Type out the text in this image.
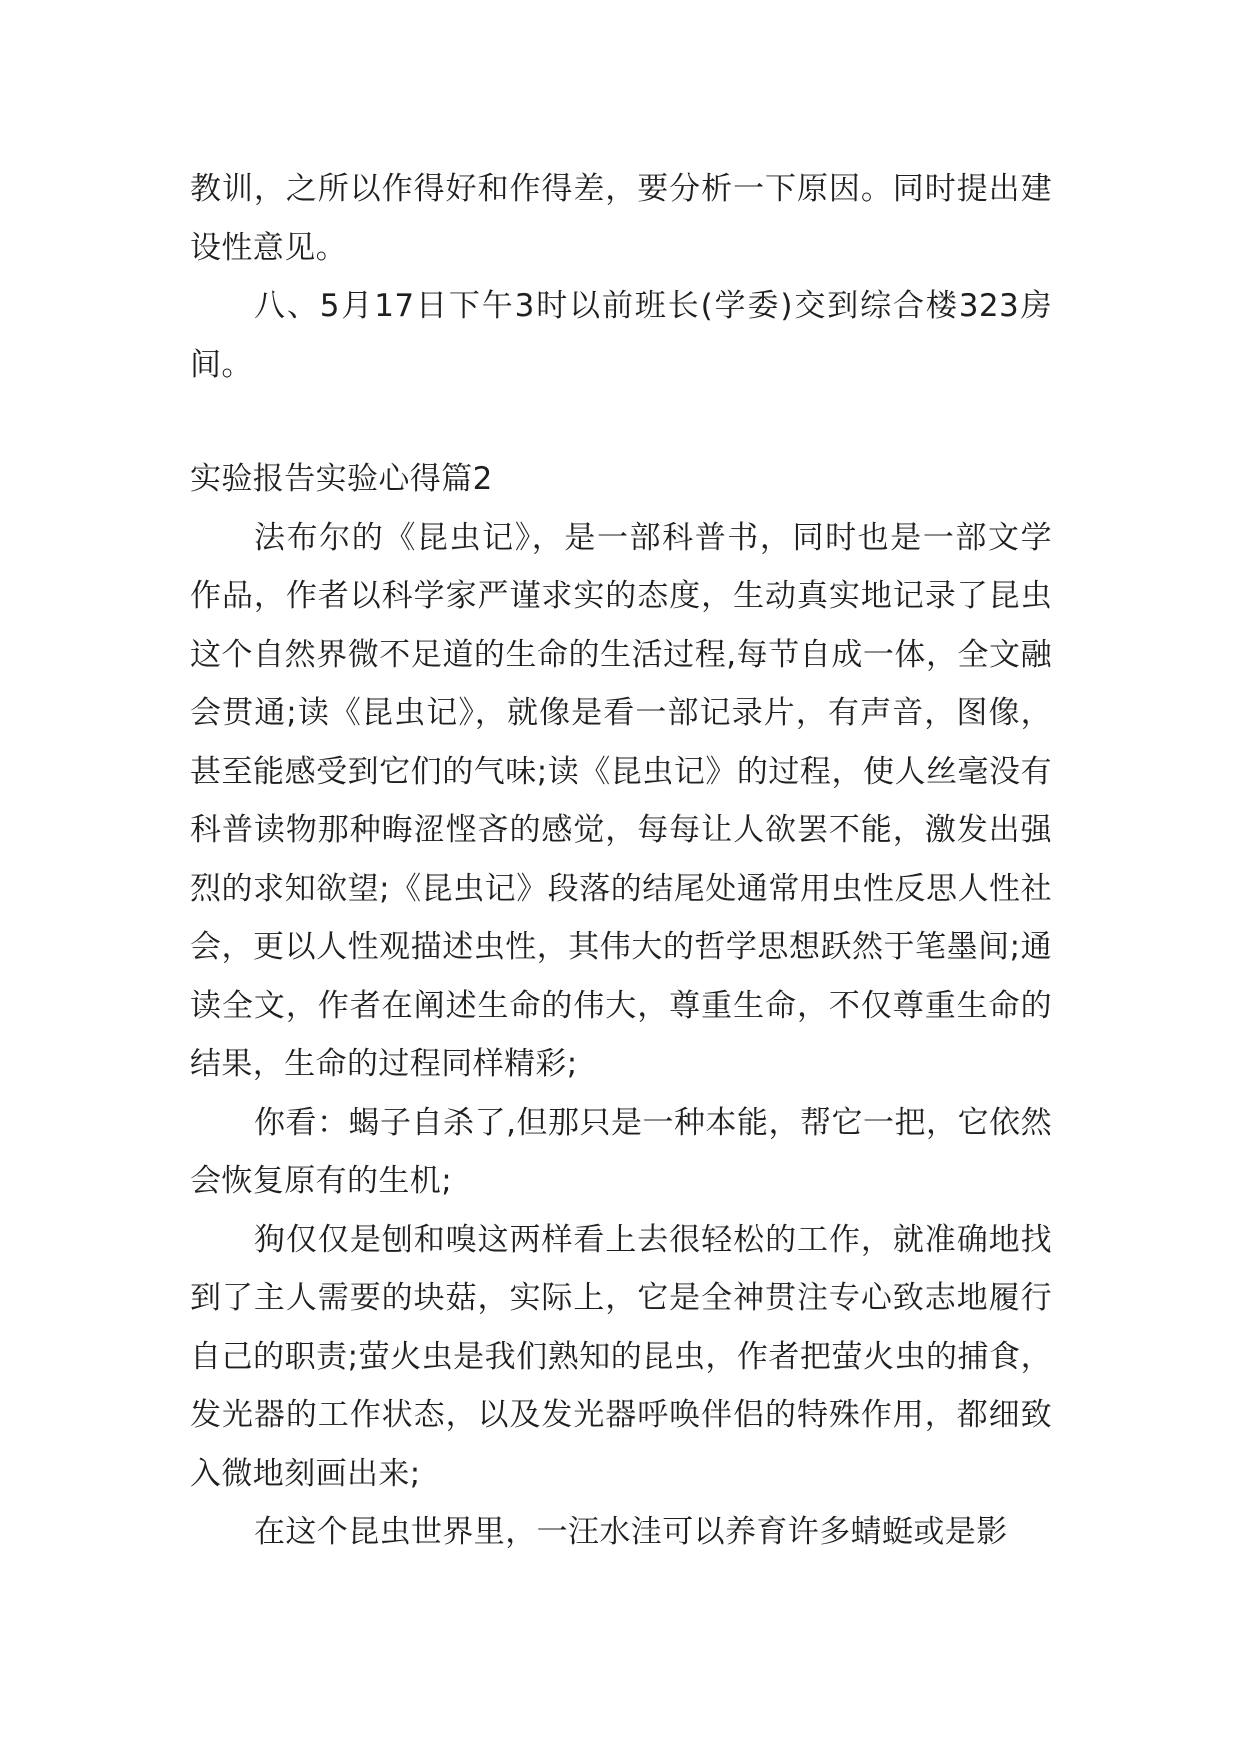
教训，之所以作得好和作得差，要分析一下原因。同时提出建设性意见。

八、5月17日下午3时以前班长(学委)交到综合楼323房间。

实验报告实验心得篇2

法布尔的《昆虫记》，是一部科普书，同时也是一部文学作品，作者以科学家严谨求实的态度，生动真实地记录了昆虫这个自然界微不足道的生命的生活过程,每节自成一体，全文融会贯通;读《昆虫记》，就像是看一部记录片，有声音，图像，甚至能感受到它们的气味;读《昆虫记》的过程，使人丝毫没有科普读物那种晦涩悭吝的感觉，每每让人欲罢不能，激发出强烈的求知欲望;《昆虫记》段落的结尾处通常用虫性反思人性社会，更以人性观描述虫性，其伟大的哲学思想跃然于笔墨间;通读全文，作者在阐述生命的伟大，尊重生命，不仅尊重生命的结果，生命的过程同样精彩;

你看：蝎子自杀了,但那只是一种本能，帮它一把，它依然会恢复原有的生机;

狗仅仅是刨和嗅这两样看上去很轻松的工作，就准确地找到了主人需要的块菇，实际上，它是全神贯注专心致志地履行自己的职责;萤火虫是我们熟知的昆虫，作者把萤火虫的捕食，发光器的工作状态，以及发光器呼唤伴侣的特殊作用，都细致入微地刻画出来;

在这个昆虫世界里，一汪水洼可以养育许多蜻蜓或是影
